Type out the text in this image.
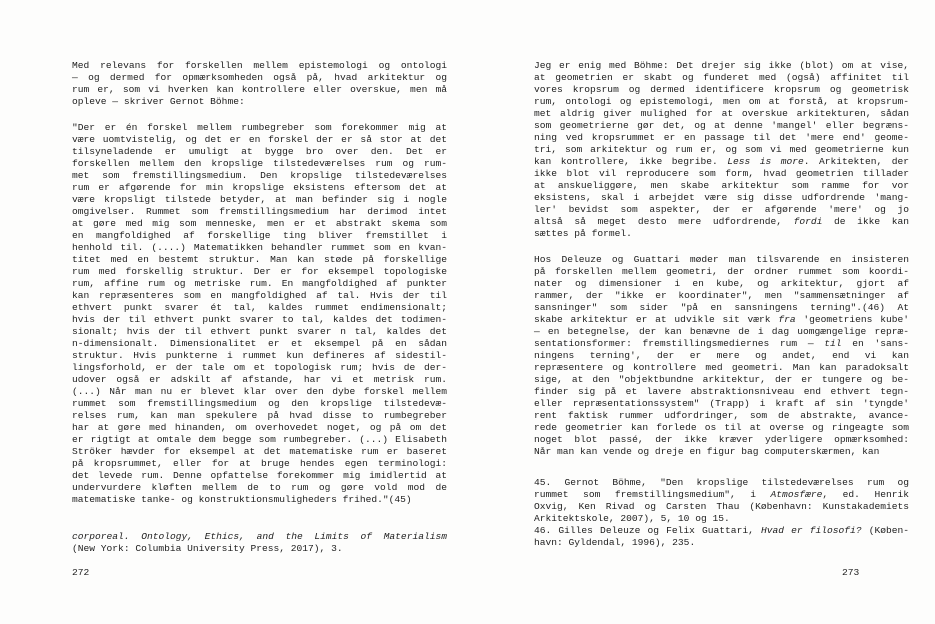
Med relevans for forskellen mellem epistemologi og ontologi
— og dermed for opmærksomheden også på, hvad arkitektur og
rum er, som vi hverken kan kontrollere eller overskue, men må
opleve — skriver Gernot Böhme:
"Der er én forskel mellem rumbegreber som forekommer mig at
være uomtvistelig, og det er en forskel der er så stor at det
tilsyneladende er umuligt at bygge bro over den. Det er
forskellen mellem den kropslige tilstedeværelses rum og rum-
met som fremstillingsmedium. Den kropslige tilstedeværelses
rum er afgørende for min kropslige eksistens eftersom det at
være kropsligt tilstede betyder, at man befinder sig i nogle
omgivelser. Rummet som fremstillingsmedium har derimod intet
at gøre med mig som menneske, men er et abstrakt skema som
en mangfoldighed af forskellige ting bliver fremstillet i
henhold til. (....) Matematikken behandler rummet som en kvan-
titet med en bestemt struktur. Man kan støde på forskellige
rum med forskellig struktur. Der er for eksempel topologiske
rum, affine rum og metriske rum. En mangfoldighed af punkter
kan repræsenteres som en mangfoldighed af tal. Hvis der til
ethvert punkt svarer ét tal, kaldes rummet endimensionalt;
hvis der til ethvert punkt svarer to tal, kaldes det todimen-
sionalt; hvis der til ethvert punkt svarer n tal, kaldes det
n-dimensionalt. Dimensionalitet er et eksempel på en sådan
struktur. Hvis punkterne i rummet kun defineres af sidestil-
lingsforhold, er der tale om et topologisk rum; hvis de der-
udover også er adskilt af afstande, har vi et metrisk rum.
(...) Når man nu er blevet klar over den dybe forskel mellem
rummet som fremstillingsmedium og den kropslige tilstedevæ-
relses rum, kan man spekulere på hvad disse to rumbegreber
har at gøre med hinanden, om overhovedet noget, og på om det
er rigtigt at omtale dem begge som rumbegreber. (...) Elisabeth
Ströker hævder for eksempel at det matematiske rum er baseret
på kropsrummet, eller for at bruge hendes egen terminologi:
det levede rum. Denne opfattelse forekommer mig imidlertid at
undervurdere kløften mellem de to rum og gøre vold mod de
matematiske tanke- og konstruktionsmuligheders frihed."(45)
corporeal. Ontology, Ethics, and the Limits of Materialism
(New York: Columbia University Press, 2017), 3.
272
Jeg er enig med Böhme: Det drejer sig ikke (blot) om at vise,
at geometrien er skabt og funderet med (også) affinitet til
vores kropsrum og dermed identificere kropsrum og geometrisk
rum, ontologi og epistemologi, men om at forstå, at kropsrum-
met aldrig giver mulighed for at overskue arkitekturen, sådan
som geometrierne gør det, og at denne 'mangel' eller begræns-
ning ved kropsrummet er en passage til det 'mere end' geome-
tri, som arkitektur og rum er, og som vi med geometrierne kun
kan kontrollere, ikke begribe. Less is more. Arkitekten, der
ikke blot vil reproducere som form, hvad geometrien tillader
at anskueliggøre, men skabe arkitektur som ramme for vor
eksistens, skal i arbejdet være sig disse udfordrende 'mang-
ler' bevidst som aspekter, der er afgørende 'mere' og jo
altså så meget desto mere udfordrende, fordi de ikke kan
sættes på formel.
Hos Deleuze og Guattari møder man tilsvarende en insisteren
på forskellen mellem geometri, der ordner rummet som koordi-
nater og dimensioner i en kube, og arkitektur, gjort af
rammer, der "ikke er koordinater", men "sammensætninger af
sansninger" som sider "på en sansningens terning".(46) At
skabe arkitektur er at udvikle sit værk fra 'geometriens kube'
— en betegnelse, der kan benævne de i dag uomgængelige repræ-
sentationsformer: fremstillingsmediernes rum — til en 'sans-
ningens terning', der er mere og andet, end vi kan
repræsentere og kontrollere med geometri. Man kan paradoksalt
sige, at den "objektbundne arkitektur, der er tungere og be-
finder sig på et lavere abstraktionsniveau end ethvert tegn-
eller repræsentationssystem" (Trapp) i kraft af sin 'tyngde'
rent faktisk rummer udfordringer, som de abstrakte, avance-
rede geometrier kan forlede os til at overse og ringeagte som
noget blot passé, der ikke kræver yderligere opmærksomhed:
Når man kan vende og dreje en figur bag computerskærmen, kan
45. Gernot Böhme, "Den kropslige tilstedeværelses rum og
rummet som fremstillingsmedium", i Atmosfære, ed. Henrik
Oxvig, Ken Rivad og Carsten Thau (København: Kunstakademiets
Arkitektskole, 2007), 5, 10 og 15.
46. Gilles Deleuze og Felix Guattari, Hvad er filosofi? (Køben-
havn: Gyldendal, 1996), 235.
273
